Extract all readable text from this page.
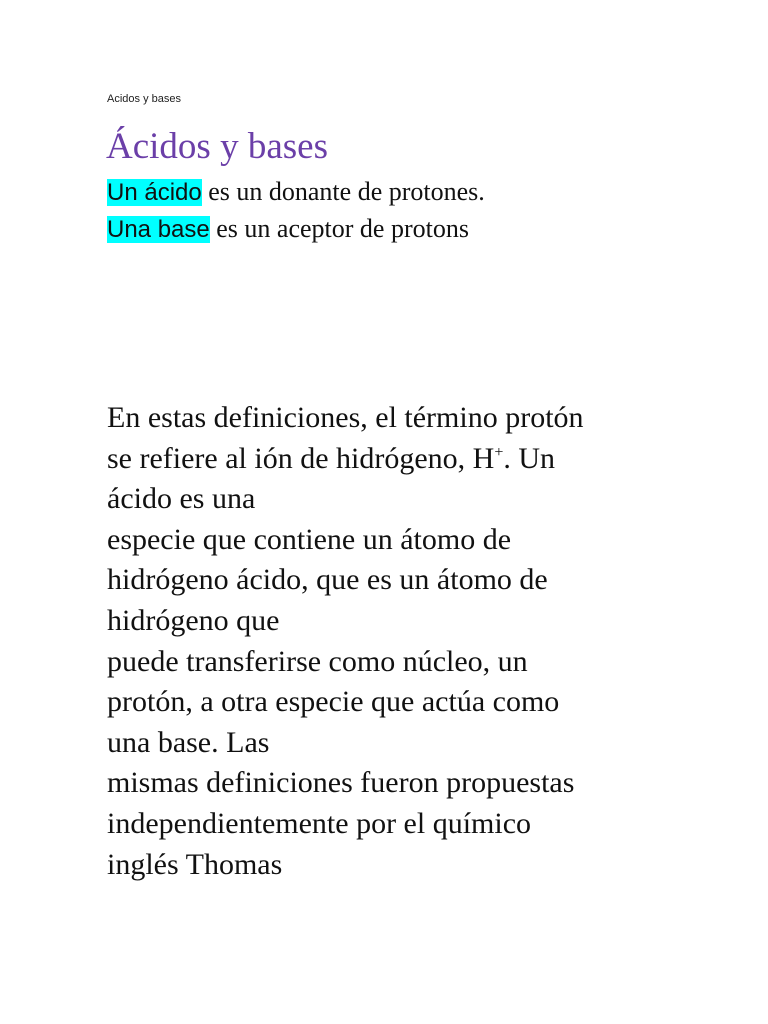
Acidos y bases

Ácidos y bases

Un ácido es un donante de protones.

Una base es un aceptor de protons

En estas definiciones, el término protón
se refiere al ión de hidrógeno, H+. Un
ácido es una
especie que contiene un átomo de
hidrógeno ácido, que es un átomo de
hidrógeno que
puede transferirse como núcleo, un
protón, a otra especie que actúa como
una base. Las
mismas definiciones fueron propuestas
independientemente por el químico
inglés Thomas
